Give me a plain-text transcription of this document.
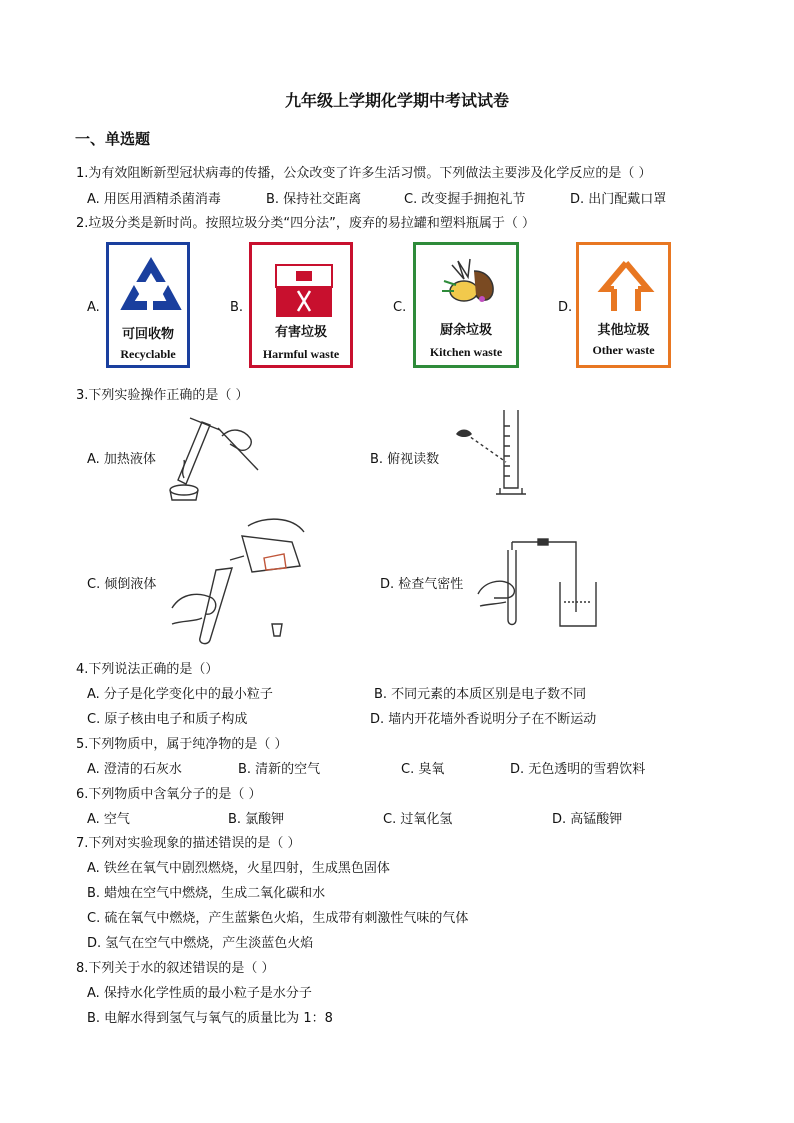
九年级上学期化学期中考试试卷
一、单选题
1.为有效阻断新型冠状病毒的传播，公众改变了许多生活习惯。下列做法主要涉及化学反应的是（ ）
A. 用医用酒精杀菌消毒	B. 保持社交距离	C. 改变握手拥抱礼节	D. 出门配戴口罩
2.垃圾分类是新时尚。按照垃圾分类“四分法”，废弃的易拉罐和塑料瓶属于（ ）
A.	B.	C.	D.
可回收物
Recyclable
有害垃圾
Harmful waste
厨余垃圾
Kitchen waste
其他垃圾
Other waste
3.下列实验操作正确的是（ ）
A. 加热液体	B. 俯视读数
C. 倾倒液体	D. 检查气密性
4.下列说法正确的是（）
A. 分子是化学变化中的最小粒子	B. 不同元素的本质区别是电子数不同
C. 原子核由电子和质子构成	D. 墙内开花墙外香说明分子在不断运动
5.下列物质中，属于纯净物的是（ ）
A. 澄清的石灰水	B. 清新的空气	C. 臭氧	D. 无色透明的雪碧饮料
6.下列物质中含氧分子的是（ ）
A. 空气	B. 氯酸钾	C. 过氧化氢	D. 高锰酸钾
7.下列对实验现象的描述错误的是（ ）
A. 铁丝在氧气中剧烈燃烧，火星四射，生成黑色固体
B. 蜡烛在空气中燃烧，生成二氧化碳和水
C. 硫在氧气中燃烧，产生蓝紫色火焰，生成带有刺激性气味的气体
D. 氢气在空气中燃烧，产生淡蓝色火焰
8.下列关于水的叙述错误的是（ ）
A. 保持水化学性质的最小粒子是水分子
B. 电解水得到氢气与氧气的质量比为 1：8
